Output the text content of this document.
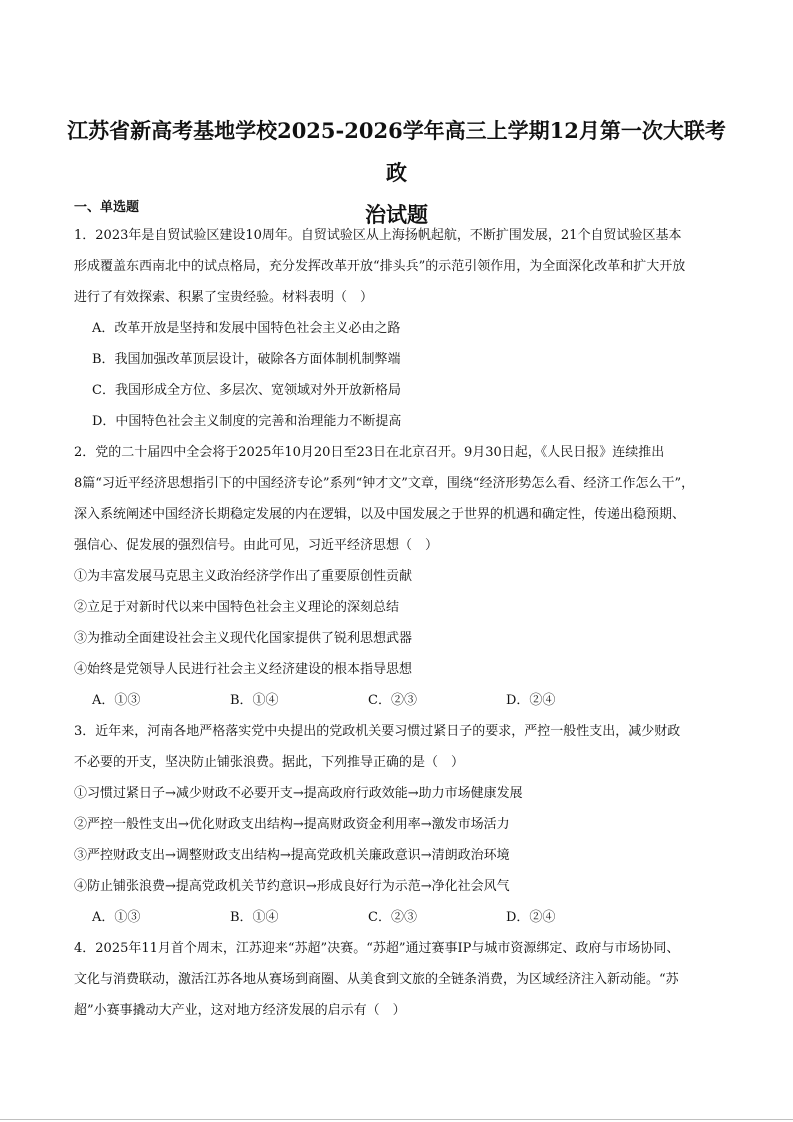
江苏省新高考基地学校2025-2026学年高三上学期12月第一次大联考政
治试题
一、单选题
1．2023年是自贸试验区建设10周年。自贸试验区从上海扬帆起航，不断扩围发展，21个自贸试验区基本
形成覆盖东西南北中的试点格局，充分发挥改革开放“排头兵”的示范引领作用，为全面深化改革和扩大开放
进行了有效探索、积累了宝贵经验。材料表明（　）
A．改革开放是坚持和发展中国特色社会主义必由之路
B．我国加强改革顶层设计，破除各方面体制机制弊端
C．我国形成全方位、多层次、宽领域对外开放新格局
D．中国特色社会主义制度的完善和治理能力不断提高
2．党的二十届四中全会将于2025年10月20日至23日在北京召开。9月30日起，《人民日报》连续推出
8篇“习近平经济思想指引下的中国经济专论”系列“钟才文”文章，围绕“经济形势怎么看、经济工作怎么干”，
深入系统阐述中国经济长期稳定发展的内在逻辑，以及中国发展之于世界的机遇和确定性，传递出稳预期、
强信心、促发展的强烈信号。由此可见，习近平经济思想（　）
①为丰富发展马克思主义政治经济学作出了重要原创性贡献
②立足于对新时代以来中国特色社会主义理论的深刻总结
③为推动全面建设社会主义现代化国家提供了锐利思想武器
④始终是党领导人民进行社会主义经济建设的根本指导思想
A．①③	B．①④	C．②③	D．②④
3．近年来，河南各地严格落实党中央提出的党政机关要习惯过紧日子的要求，严控一般性支出，减少财政
不必要的开支，坚决防止铺张浪费。据此，下列推导正确的是（　）
①习惯过紧日子→减少财政不必要开支→提高政府行政效能→助力市场健康发展
②严控一般性支出→优化财政支出结构→提高财政资金利用率→激发市场活力
③严控财政支出→调整财政支出结构→提高党政机关廉政意识→清朗政治环境
④防止铺张浪费→提高党政机关节约意识→形成良好行为示范→净化社会风气
A．①③	B．①④	C．②③	D．②④
4．2025年11月首个周末，江苏迎来“苏超”决赛。“苏超”通过赛事IP与城市资源绑定、政府与市场协同、
文化与消费联动，激活江苏各地从赛场到商圈、从美食到文旅的全链条消费，为区域经济注入新动能。“苏
超”小赛事撬动大产业，这对地方经济发展的启示有（　）
